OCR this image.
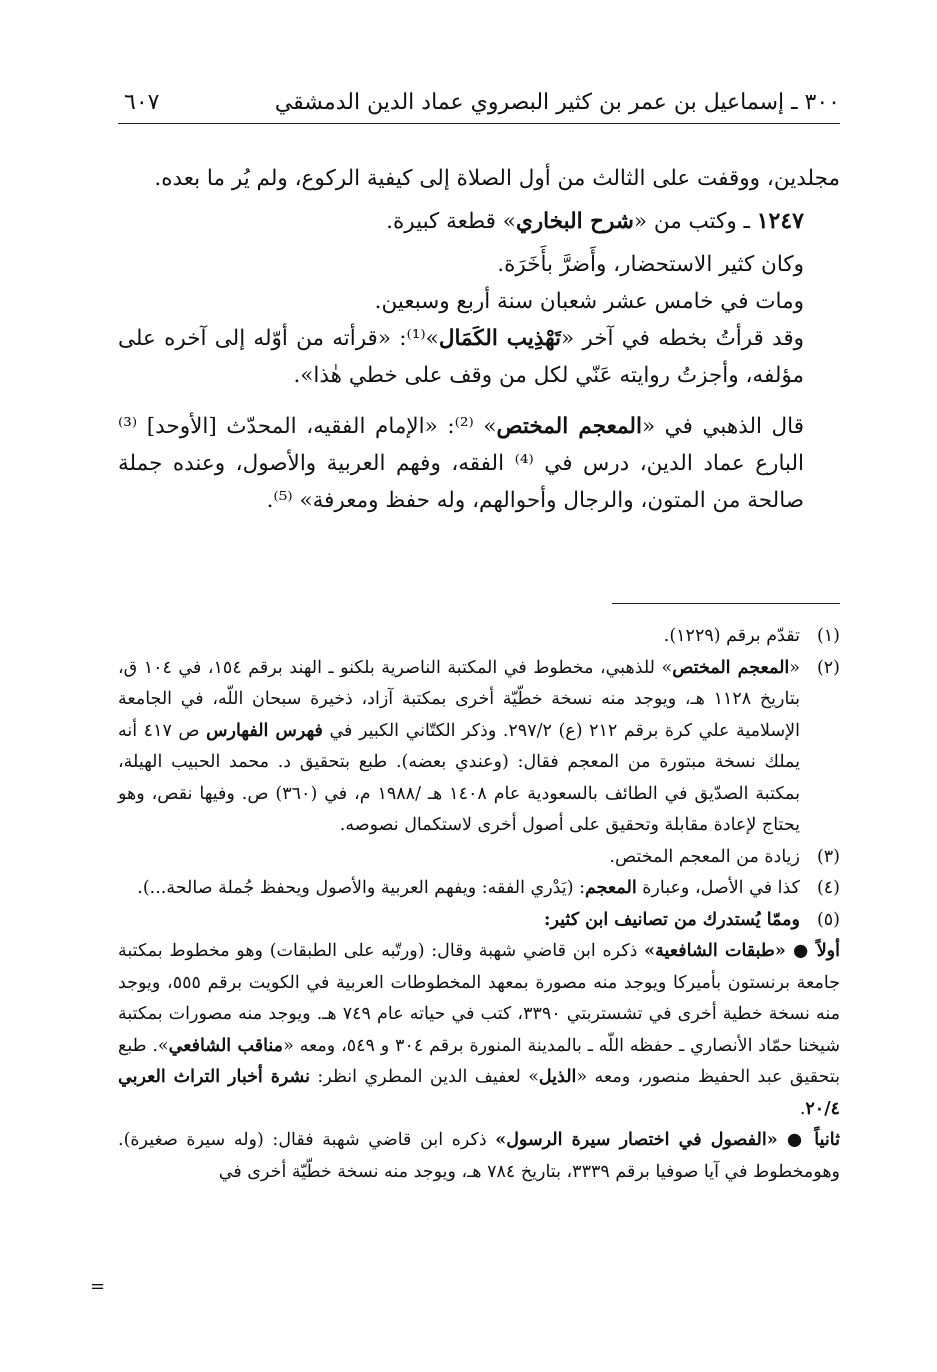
٣٠٠ ـ إسماعيل بن عمر بن كثير البصروي عماد الدين الدمشقي
٦٠٧

مجلدين، ووقفت على الثالث من أول الصلاة إلى كيفية الركوع، ولم يُر ما بعده.

١٢٤٧ ـ وكتب من «شرح البخاري» قطعة كبيرة.

وكان كثير الاستحضار، وأَضرَّ بأَخَرَة.

ومات في خامس عشر شعبان سنة أربع وسبعين.

وقد قرأتُ بخطه في آخر «تَهْذِيب الكَمَال»⁽¹⁾: «قرأته من أوّله إلى آخره على مؤلفه، وأجزتُ روايته عَنّي لكل من وقف على خطي هٰذا».

قال الذهبي في «المعجم المختص» ⁽²⁾: «الإمام الفقيه، المحدّث [الأوحد] ⁽³⁾ البارع عماد الدين، درس في ⁽⁴⁾ الفقه، وفهم العربية والأصول، وعنده جملة صالحة من المتون، والرجال وأحوالهم، وله حفظ ومعرفة» ⁽⁵⁾.

(١)
تقدّم برقم (١٢٢٩).
(٢)
«المعجم المختص» للذهبي، مخطوط في المكتبة الناصرية بلكنو ـ الهند برقم ١٥٤، في ١٠٤ ق، بتاريخ ١١٢٨ هـ، ويوجد منه نسخة خطّيّة أخرى بمكتبة آزاد، ذخيرة سبحان اللّه، في الجامعة الإسلامية علي كرة برقم ٢١٢ (ع) ٢٩٧/٢. وذكر الكتّاني الكبير في فهرس الفهارس ص ٤١٧ أنه يملك نسخة مبتورة من المعجم فقال: (وعندي بعضه). طبع بتحقيق د. محمد الحبيب الهيلة، بمكتبة الصدّيق في الطائف بالسعودية عام ١٤٠٨ هـ /١٩٨٨ م، في (٣٦٠) ص. وفيها نقص، وهو يحتاج لإعادة مقابلة وتحقيق على أصول أخرى لاستكمال نصوصه.
(٣)
زيادة من المعجم المختص.
(٤)
كذا في الأصل، وعبارة المعجم: (يَدْري الفقه: ويفهم العربية والأصول ويحفظ جُملة صالحة...).
(٥)
وممّا يُستدرك من تصانيف ابن كثير:
أولاً ● «طبقات الشافعية» ذكره ابن قاضي شهبة وقال: (ورتّبه على الطبقات) وهو مخطوط بمكتبة جامعة برنستون بأميركا ويوجد منه مصورة بمعهد المخطوطات العربية في الكويت برقم ٥٥٥، ويوجد منه نسخة خطية أخرى في تشستربتي ٣٣٩٠، كتب في حياته عام ٧٤٩ هـ. ويوجد منه مصورات بمكتبة شيخنا حمّاد الأنصاري ـ حفظه اللّه ـ بالمدينة المنورة برقم ٣٠٤ و ٥٤٩، ومعه «مناقب الشافعي». طبع بتحقيق عبد الحفيظ منصور، ومعه «الذيل» لعفيف الدين المطري انظر: نشرة أخبار التراث العربي ٢٠/٤.
ثانياً ● «الفصول في اختصار سيرة الرسول» ذكره ابن قاضي شهبة فقال: (وله سيرة صغيرة). وهومخطوط في آيا صوفيا برقم ٣٣٣٩، بتاريخ ٧٨٤ هـ، ويوجد منه نسخة خطّيّة أخرى في
=
